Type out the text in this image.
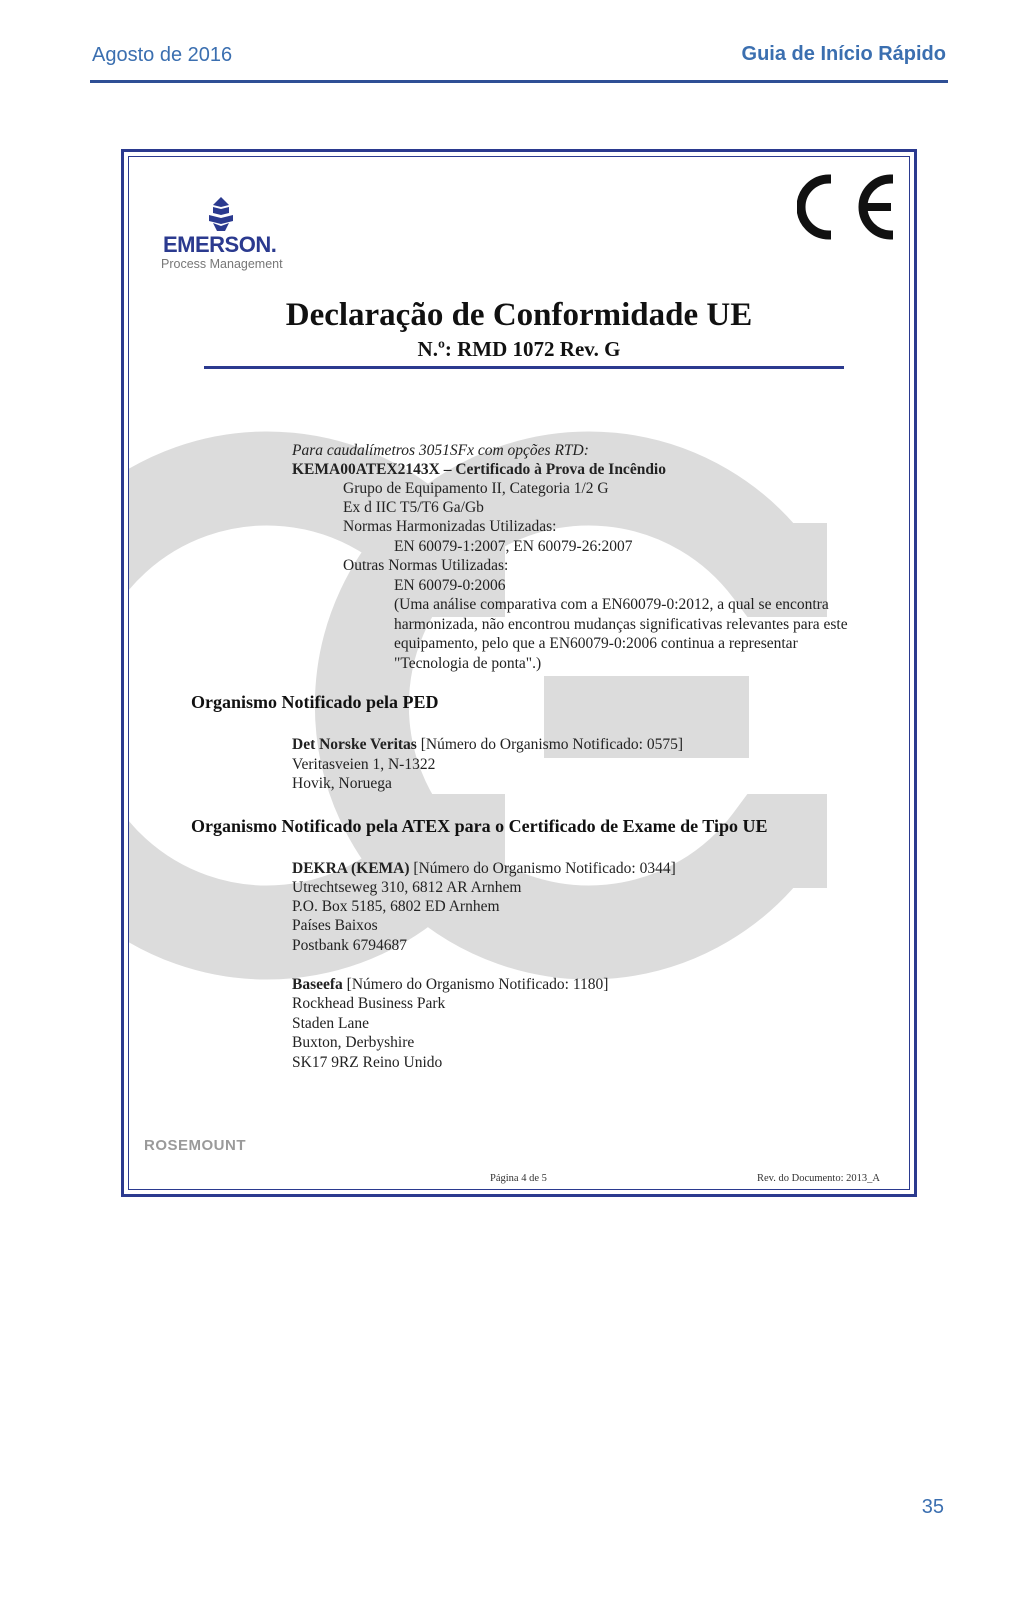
Agosto de 2016	Guia de Início Rápido
EMERSON.
Process Management
Declaração de Conformidade UE
N.º: RMD 1072 Rev. G
Para caudalímetros 3051SFx com opções RTD:
KEMA00ATEX2143X – Certificado à Prova de Incêndio
Grupo de Equipamento II, Categoria 1/2 G
Ex d IIC T5/T6 Ga/Gb
Normas Harmonizadas Utilizadas:
EN 60079-1:2007, EN 60079-26:2007
Outras Normas Utilizadas:
EN 60079-0:2006
(Uma análise comparativa com a EN60079-0:2012, a qual se encontra
harmonizada, não encontrou mudanças significativas relevantes para este
equipamento, pelo que a EN60079-0:2006 continua a representar
"Tecnologia de ponta".)
Organismo Notificado pela PED
Det Norske Veritas [Número do Organismo Notificado: 0575]
Veritasveien 1, N-1322
Hovik, Noruega
Organismo Notificado pela ATEX para o Certificado de Exame de Tipo UE
DEKRA (KEMA) [Número do Organismo Notificado: 0344]
Utrechtseweg 310, 6812 AR Arnhem
P.O. Box 5185, 6802 ED Arnhem
Países Baixos
Postbank 6794687
Baseefa [Número do Organismo Notificado: 1180]
Rockhead Business Park
Staden Lane
Buxton, Derbyshire
SK17 9RZ Reino Unido
ROSEMOUNT
Página 4 de 5	Rev. do Documento: 2013_A
35
